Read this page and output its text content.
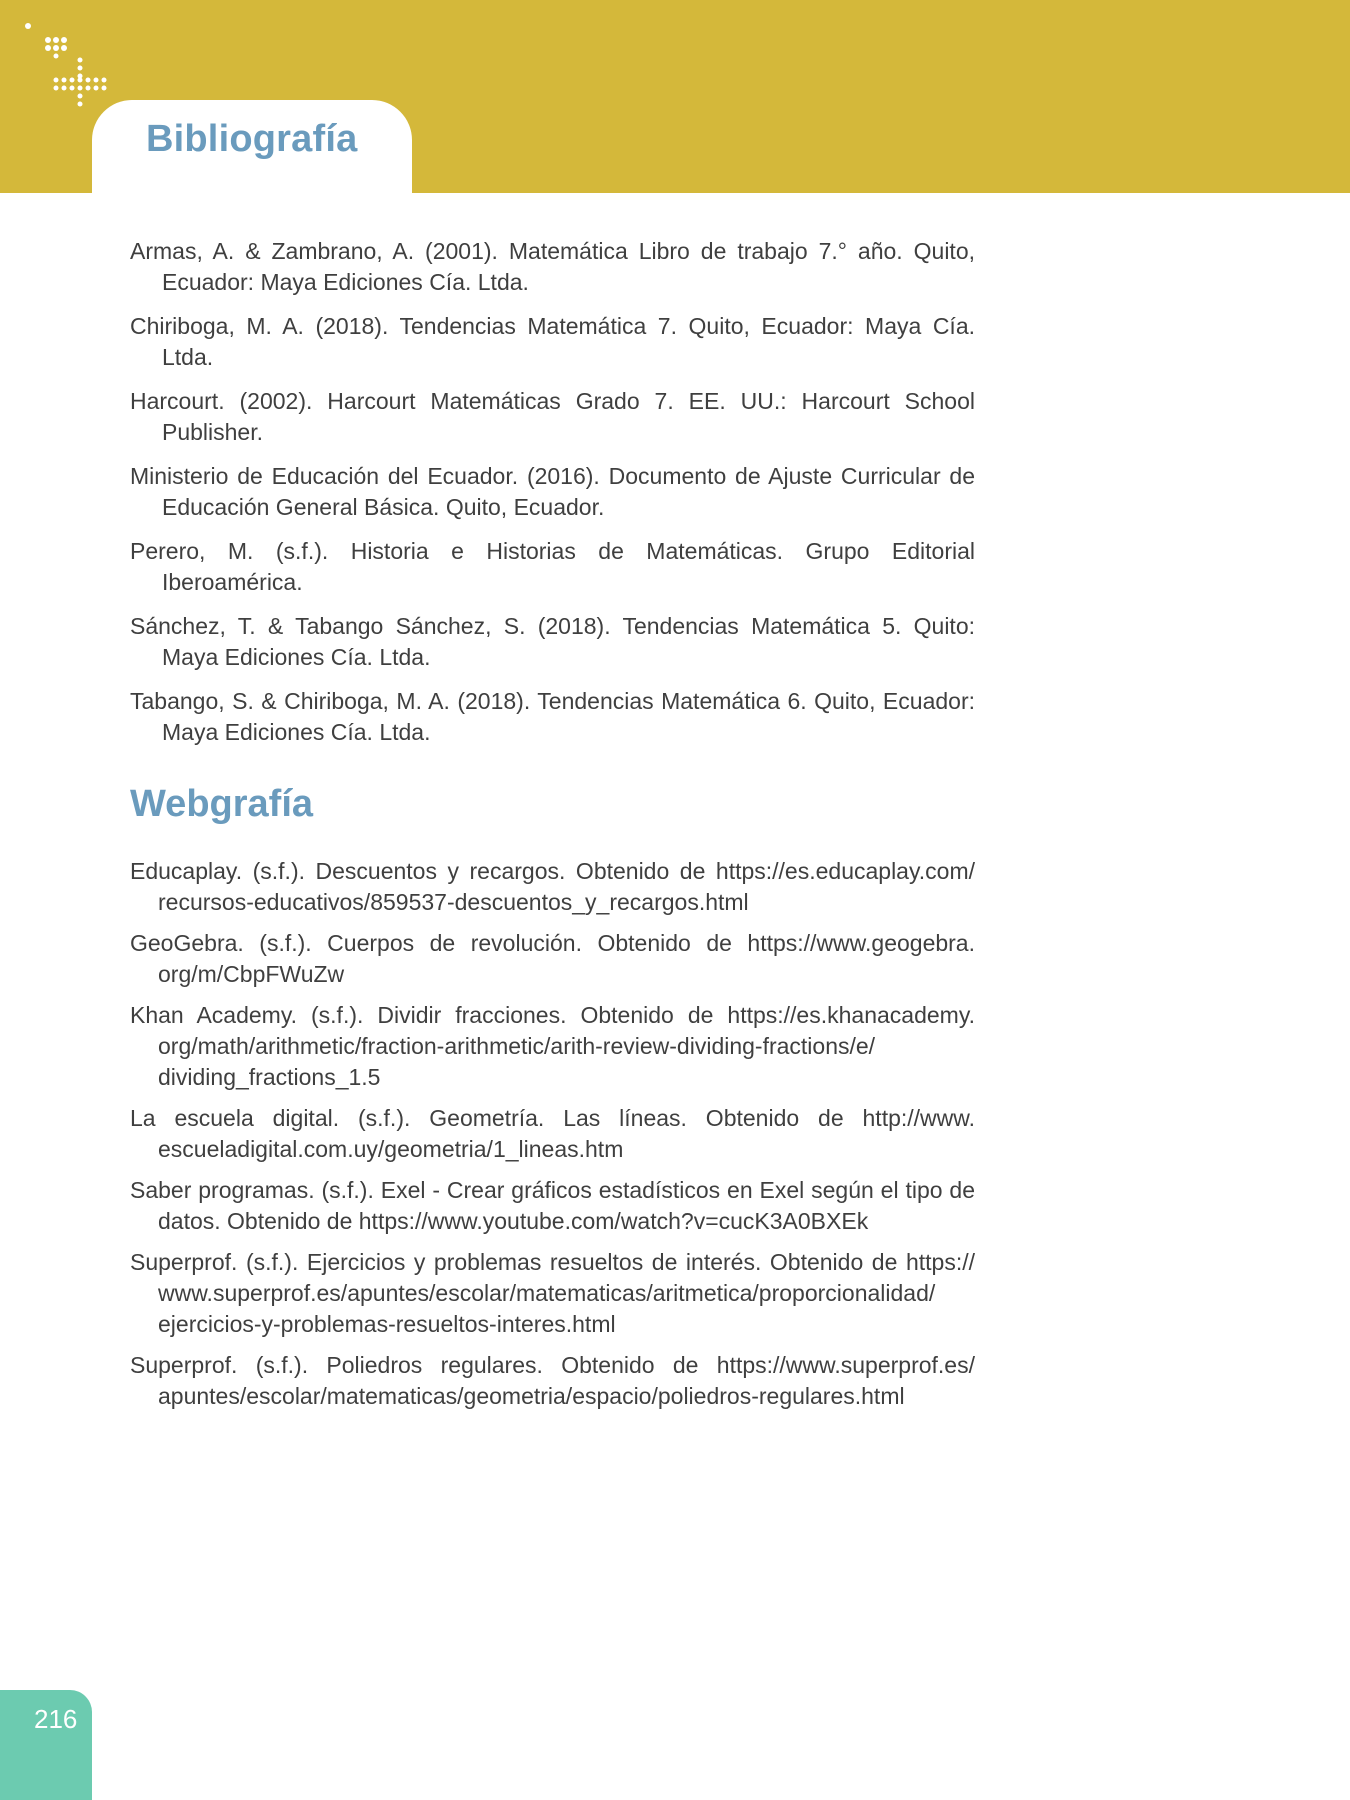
Bibliografía

Armas, A. & Zambrano, A. (2001). Matemática Libro de trabajo 7.° año. Quito, Ecuador: Maya Ediciones Cía. Ltda.

Chiriboga, M. A. (2018). Tendencias Matemática 7. Quito, Ecuador: Maya Cía. Ltda.

Harcourt. (2002). Harcourt Matemáticas Grado 7. EE. UU.: Harcourt School Publisher.

Ministerio de Educación del Ecuador. (2016). Documento de Ajuste Curricular de Educación General Básica. Quito, Ecuador.

Perero, M. (s.f.). Historia e Historias de Matemáticas. Grupo Editorial Iberoamérica.

Sánchez, T. & Tabango Sánchez, S. (2018). Tendencias Matemática 5. Quito: Maya Ediciones Cía. Ltda.

Tabango, S. & Chiriboga, M. A. (2018). Tendencias Matemática 6. Quito, Ecuador: Maya Ediciones Cía. Ltda.

Webgrafía

Educaplay. (s.f.). Descuentos y recargos. Obtenido de https://es.educaplay.com/ recursos-educativos/859537-descuentos_y_recargos.html

GeoGebra. (s.f.). Cuerpos de revolución. Obtenido de https://www.geogebra. org/m/CbpFWuZw

Khan Academy. (s.f.). Dividir fracciones. Obtenido de https://es.khanacademy. org/math/arithmetic/fraction-arithmetic/arith-review-dividing-fractions/e/ dividing_fractions_1.5

La escuela digital. (s.f.). Geometría. Las líneas. Obtenido de http://www. escueladigital.com.uy/geometria/1_lineas.htm

Saber programas. (s.f.). Exel - Crear gráficos estadísticos en Exel según el tipo de datos. Obtenido de https://www.youtube.com/watch?v=cucK3A0BXEk

Superprof. (s.f.). Ejercicios y problemas resueltos de interés. Obtenido de https:// www.superprof.es/apuntes/escolar/matematicas/aritmetica/proporcionalidad/ ejercicios-y-problemas-resueltos-interes.html

Superprof. (s.f.). Poliedros regulares. Obtenido de https://www.superprof.es/ apuntes/escolar/matematicas/geometria/espacio/poliedros-regulares.html

216
